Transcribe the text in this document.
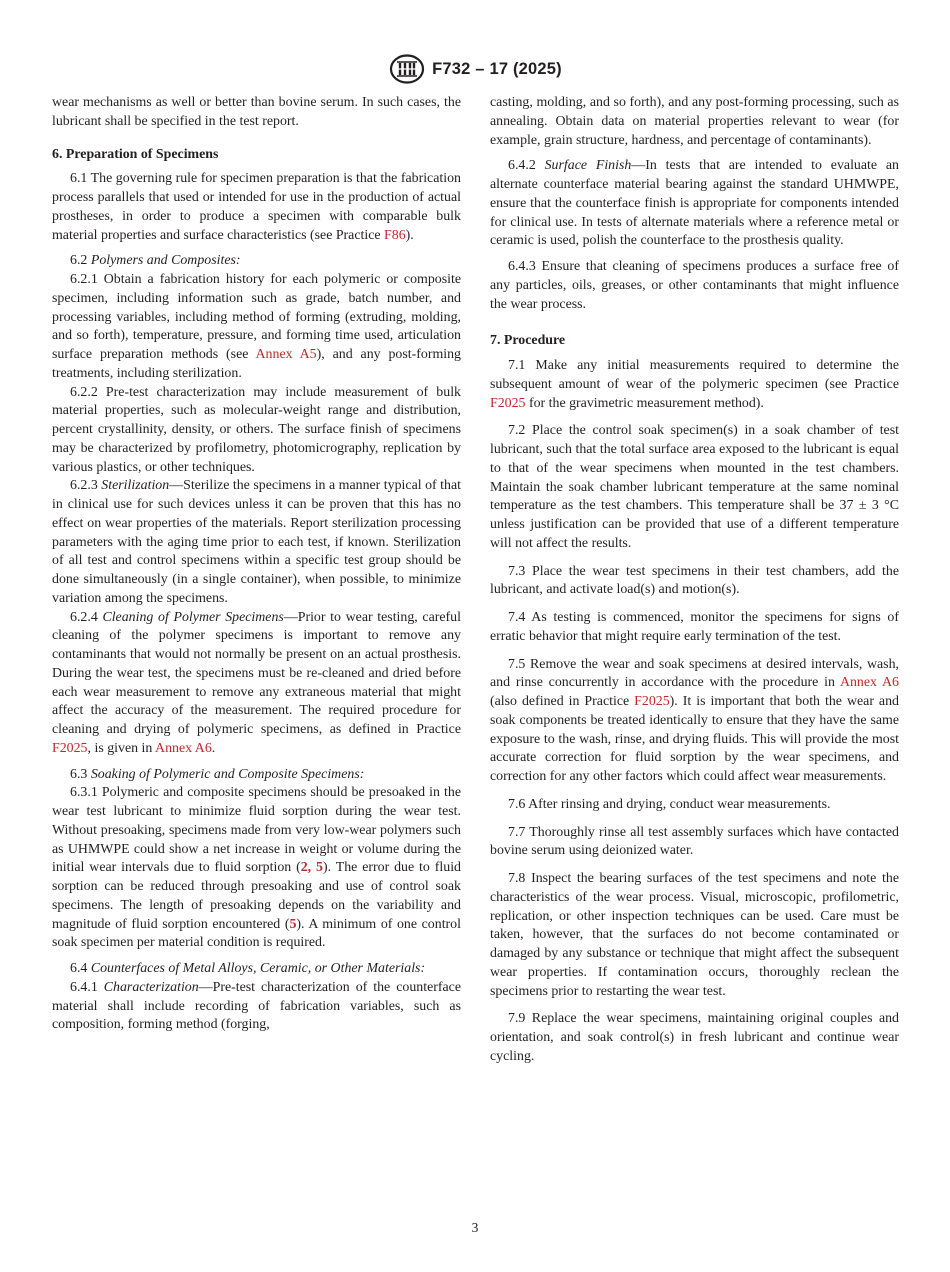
F732 – 17 (2025)

wear mechanisms as well or better than bovine serum. In such cases, the lubricant shall be specified in the test report.

6. Preparation of Specimens

6.1 The governing rule for specimen preparation is that the fabrication process parallels that used or intended for use in the production of actual prostheses, in order to produce a specimen with comparable bulk material properties and surface characteristics (see Practice F86).

6.2 Polymers and Composites:

6.2.1 Obtain a fabrication history for each polymeric or composite specimen, including information such as grade, batch number, and processing variables, including method of forming (extruding, molding, and so forth), temperature, pressure, and forming time used, articulation surface preparation methods (see Annex A5), and any post-forming treatments, including sterilization.

6.2.2 Pre-test characterization may include measurement of bulk material properties, such as molecular-weight range and distribution, percent crystallinity, density, or others. The surface finish of specimens may be characterized by profilometry, photomicrography, replication by various plastics, or other techniques.

6.2.3 Sterilization—Sterilize the specimens in a manner typical of that in clinical use for such devices unless it can be proven that this has no effect on wear properties of the materials. Report sterilization processing parameters with the aging time prior to each test, if known. Sterilization of all test and control specimens within a specific test group should be done simultaneously (in a single container), when possible, to minimize variation among the specimens.

6.2.4 Cleaning of Polymer Specimens—Prior to wear testing, careful cleaning of the polymer specimens is important to remove any contaminants that would not normally be present on an actual prosthesis. During the wear test, the specimens must be re-cleaned and dried before each wear measurement to remove any extraneous material that might affect the accuracy of the measurement. The required procedure for cleaning and drying of polymeric specimens, as defined in Practice F2025, is given in Annex A6.

6.3 Soaking of Polymeric and Composite Specimens:

6.3.1 Polymeric and composite specimens should be presoaked in the wear test lubricant to minimize fluid sorption during the wear test. Without presoaking, specimens made from very low-wear polymers such as UHMWPE could show a net increase in weight or volume during the initial wear intervals due to fluid sorption (2, 5). The error due to fluid sorption can be reduced through presoaking and use of control soak specimens. The length of presoaking depends on the variability and magnitude of fluid sorption encountered (5). A minimum of one control soak specimen per material condition is required.

6.4 Counterfaces of Metal Alloys, Ceramic, or Other Materials:

6.4.1 Characterization—Pre-test characterization of the counterface material shall include recording of fabrication variables, such as composition, forming method (forging,

casting, molding, and so forth), and any post-forming processing, such as annealing. Obtain data on material properties relevant to wear (for example, grain structure, hardness, and percentage of contaminants).

6.4.2 Surface Finish—In tests that are intended to evaluate an alternate counterface material bearing against the standard UHMWPE, ensure that the counterface finish is appropriate for components intended for clinical use. In tests of alternate materials where a reference metal or ceramic is used, polish the counterface to the prosthesis quality.

6.4.3 Ensure that cleaning of specimens produces a surface free of any particles, oils, greases, or other contaminants that might influence the wear process.

7. Procedure

7.1 Make any initial measurements required to determine the subsequent amount of wear of the polymeric specimen (see Practice F2025 for the gravimetric measurement method).

7.2 Place the control soak specimen(s) in a soak chamber of test lubricant, such that the total surface area exposed to the lubricant is equal to that of the wear specimens when mounted in the test chambers. Maintain the soak chamber lubricant temperature at the same nominal temperature as the test chambers. This temperature shall be 37 ± 3 °C unless justification can be provided that use of a different temperature will not affect the results.

7.3 Place the wear test specimens in their test chambers, add the lubricant, and activate load(s) and motion(s).

7.4 As testing is commenced, monitor the specimens for signs of erratic behavior that might require early termination of the test.

7.5 Remove the wear and soak specimens at desired intervals, wash, and rinse concurrently in accordance with the procedure in Annex A6 (also defined in Practice F2025). It is important that both the wear and soak components be treated identically to ensure that they have the same exposure to the wash, rinse, and drying fluids. This will provide the most accurate correction for fluid sorption by the wear specimens, and correction for any other factors which could affect wear measurements.

7.6 After rinsing and drying, conduct wear measurements.

7.7 Thoroughly rinse all test assembly surfaces which have contacted bovine serum using deionized water.

7.8 Inspect the bearing surfaces of the test specimens and note the characteristics of the wear process. Visual, microscopic, profilometric, replication, or other inspection techniques can be used. Care must be taken, however, that the surfaces do not become contaminated or damaged by any substance or technique that might affect the subsequent wear properties. If contamination occurs, thoroughly reclean the specimens prior to restarting the wear test.

7.9 Replace the wear specimens, maintaining original couples and orientation, and soak control(s) in fresh lubricant and continue wear cycling.

3
